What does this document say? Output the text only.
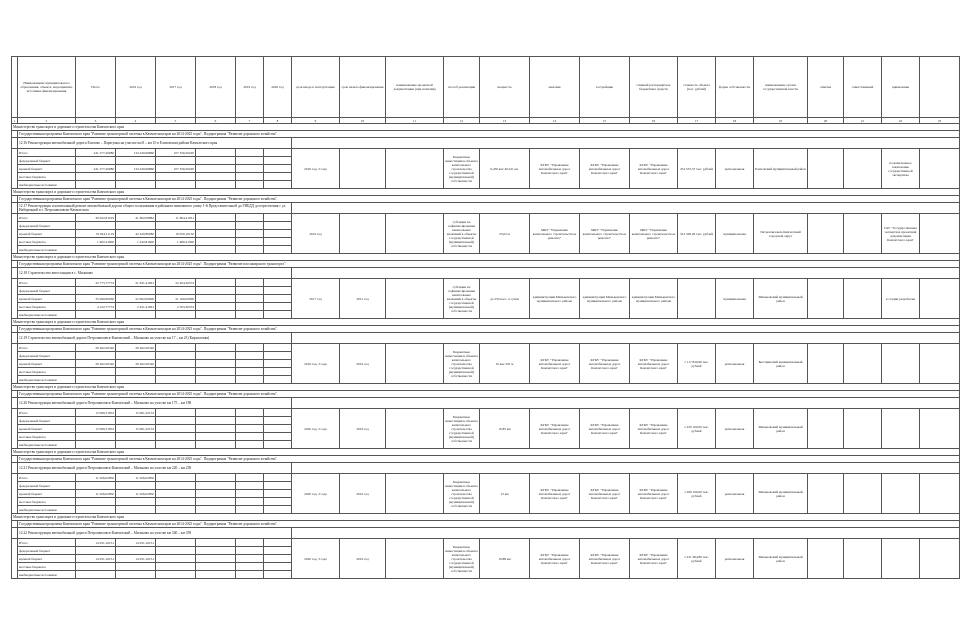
	Наименование муниципального образования, объекта, мероприятия, источника финансирования	Итого	2016 год	2017 год	2018 год	2019 год	2020 год	срок ввода в эксплуатацию	срок начала финансирования	наименование проектной документации (при наличии)	способ реализации	мощность	заказчик	застройщик	главный распорядитель бюджетных средств	стоимость объекта (тыс. рублей)	форма собственности	наименование органа государственной власти	отметка	ответственный	примечание	
1	2	3	4	5	6	7	8	9	10	11	12	13	14	15	16	17	18	19	20	21	22	23
Министерство транспорта и дорожного строительства Камчатского края																						
	Государственная программа Камчатского края "Развитие транспортной системы в Камчатском крае на 2014-2025 годы". Подпрограмма "Развитие дорожного хозяйства".																					
	12.16 Реконструкция автомобильной дороги Елизово – Паратунка на участке км 8 – км 10 в Елизовском районе Камчатского края																					
	Итого	241 577,26080	134 220,69860	107 356,56220				2016 год, 3 года			Бюджетные инвестиции в объекты капитального строительства государственной (муниципальной) собственности	0,450 км/ 40,221 кв.	КГКУ "Управление автомобильных дорог Камчатского края"	КГКУ "Управление автомобильных дорог Камчатского края"	КГКУ "Управление автомобильных дорог Камчатского края"	474 533,37 тыс. рублей	региональная	Елизовский муниципальный район			положительное заключение государственной экспертизы	
	федеральный бюджет																					
	краевой бюджет	241 577,26080	134 220,69860	107 356,56220																		
	местные бюджеты																					
	внебюджетные источники																					
Министерство транспорта и дорожного строительства Камчатского края																						
	Государственная программа Камчатского края "Развитие транспортной системы в Камчатском крае на 2014-2025 годы". Подпрограмма "Развитие дорожного хозяйства".																					
	12.17 Реконструкция и капитальный ремонт автомобильной дороги общего пользования в районном значении по улице 1-й Представительной до ГИБДД до пересечения с ул. Набережной в г. Петропавловске-Камчатском																					
	Итого	39 022,81019	41 602,09882	11 804,41931				2016 год			субсидии на софинансирование капитальных вложений в объекты государственной (муниципальной) собственности	25,02 м	МКУ "Управление капитального строительства и ремонта"	МКУ "Управление капитального строительства и ремонта"	МКУ "Управление капитального строительства и ремонта"	314 328,29 тыс. рублей	муниципальная	Петропавловск-Камчатский городской округ			ГАУ "Государственная экспертиза проектной документации Камчатского края"	
	федеральный бюджет																					
	краевой бюджет	33 024,11119	42 420,80080	10 050,10130																		
	местные бюджеты	1 902,41900	1 242,81600	1 660,41300																		
	внебюджетные источники																					
Министерство транспорта и дорожного строительства Камчатского края																						
	Государственная программа Камчатского края "Развитие транспортной системы в Камчатском крае на 2014-2025 годы". Подпрограмма "Развитие пассажирского транспорта".																					
	12.18 Строительство автостанции в с. Мильково																					
	Итого	43 773,77774	21 631,41691	22 204,30374				2017 год	2015 год		субсидии на софинансирование капитальных вложений в объекты государственной (муниципальной) собственности	до 250 пасс. в сутки	администрация Мильковского муниципального района	администрация Мильковского муниципального района	администрация Мильковского муниципального района		муниципальная	Мильковский муниципальный район			в стадии разработки	
	федеральный бюджет																					
	краевой бюджет	35 090,90030	22 062,00000	21 160,00000																		
	местные бюджеты	4 122,77774	2 431,41691	2 503,30374																		
	внебюджетные источники																					
Министерство транспорта и дорожного строительства Камчатского края																						
	Государственная программа Камчатского края "Развитие транспортной системы в Камчатском крае на 2014-2025 годы". Подпрограмма "Развитие дорожного хозяйства".																					
	12.19 Строительство автомобильной дороги Петропавловск-Камчатский – Мильково на участке км 17 – км 23 (Кирилловка)																					
	Итого	29 492,26320	29 492,26320					2016 год, 3 года	2016 год		Бюджетные инвестиции в объекты капитального строительства государственной (муниципальной) собственности	16 км/ 291 м	КГКУ "Управление автомобильных дорог Камчатского края"	КГКУ "Управление автомобильных дорог Камчатского края"	КГКУ "Управление автомобильных дорог Камчатского края"	1 117 820,90 тыс. рублей	региональная	Быстринский муниципальный район				
	федеральный бюджет																					
	краевой бюджет	29 492,26320	29 492,26320																			
	местные бюджеты																					
	внебюджетные источники																					
Министерство транспорта и дорожного строительства Камчатского края																						
	Государственная программа Камчатского края "Развитие транспортной системы в Камчатском крае на 2014-2025 годы". Подпрограмма "Развитие дорожного хозяйства".																					
	12.20 Реконструкция автомобильной дороги Петропавловск-Камчатский – Мильково на участке км 175 – км 188																					
	Итого	15 060,51653	15 061,32153					2020 год, 3 года	2016 год		Бюджетные инвестиции в объекты капитального строительства государственной (муниципальной) собственности	10,85 км	КГКУ "Управление автомобильных дорог Камчатского края"	КГКУ "Управление автомобильных дорог Камчатского края"	КГКУ "Управление автомобильных дорог Камчатского края"	1 220 100,00 тыс. рублей	региональная	Мильковский муниципальный район				
	федеральный бюджет																					
	краевой бюджет	15 060,51653	15 061,32153																			
	местные бюджеты																					
	внебюджетные источники																					
Министерство транспорта и дорожного строительства Камчатского края																						
	Государственная программа Камчатского края "Развитие транспортной системы в Камчатском крае на 2014-2025 годы". Подпрограмма "Развитие дорожного хозяйства".																					
	12.21 Реконструкция автомобильной дороги Петропавловск-Камчатский – Мильково на участке км 220 – км 238																					
	Итого	11 026,02850	11 026,02850					2020 год, 3 года	2016 год		Бюджетные инвестиции в объекты капитального строительства государственной (муниципальной) собственности	13 км	КГКУ "Управление автомобильных дорог Камчатского края"	КГКУ "Управление автомобильных дорог Камчатского края"	КГКУ "Управление автомобильных дорог Камчатского края"	1 209 100,00 тыс. рублей	региональная	Мильковский муниципальный район				
	федеральный бюджет																					
	краевой бюджет	11 026,02850	11 026,02850																			
	местные бюджеты																					
	внебюджетные источники																					
Министерство транспорта и дорожного строительства Камчатского края																						
	Государственная программа Камчатского края "Развитие транспортной системы в Камчатском крае на 2014-2025 годы". Подпрограмма "Развитие дорожного хозяйства".																					
	12.22 Реконструкция автомобильной дороги Петропавловск-Камчатский – Мильково на участке км 340 – км 359																					
	Итого	14 051,16131	14 051,16131					2020 год, 3 года	2016 год		Бюджетные инвестиции в объекты капитального строительства государственной (муниципальной) собственности	19,88 км	КГКУ "Управление автомобильных дорог Камчатского края"	КГКУ "Управление автомобильных дорог Камчатского края"	КГКУ "Управление автомобильных дорог Камчатского края"	1 231 964,80 тыс. рублей	региональная	Мильковский муниципальный район				
	федеральный бюджет																					
	краевой бюджет	14 051,16131	14 051,16131																			
	местные бюджеты																					
	внебюджетные источники																					
